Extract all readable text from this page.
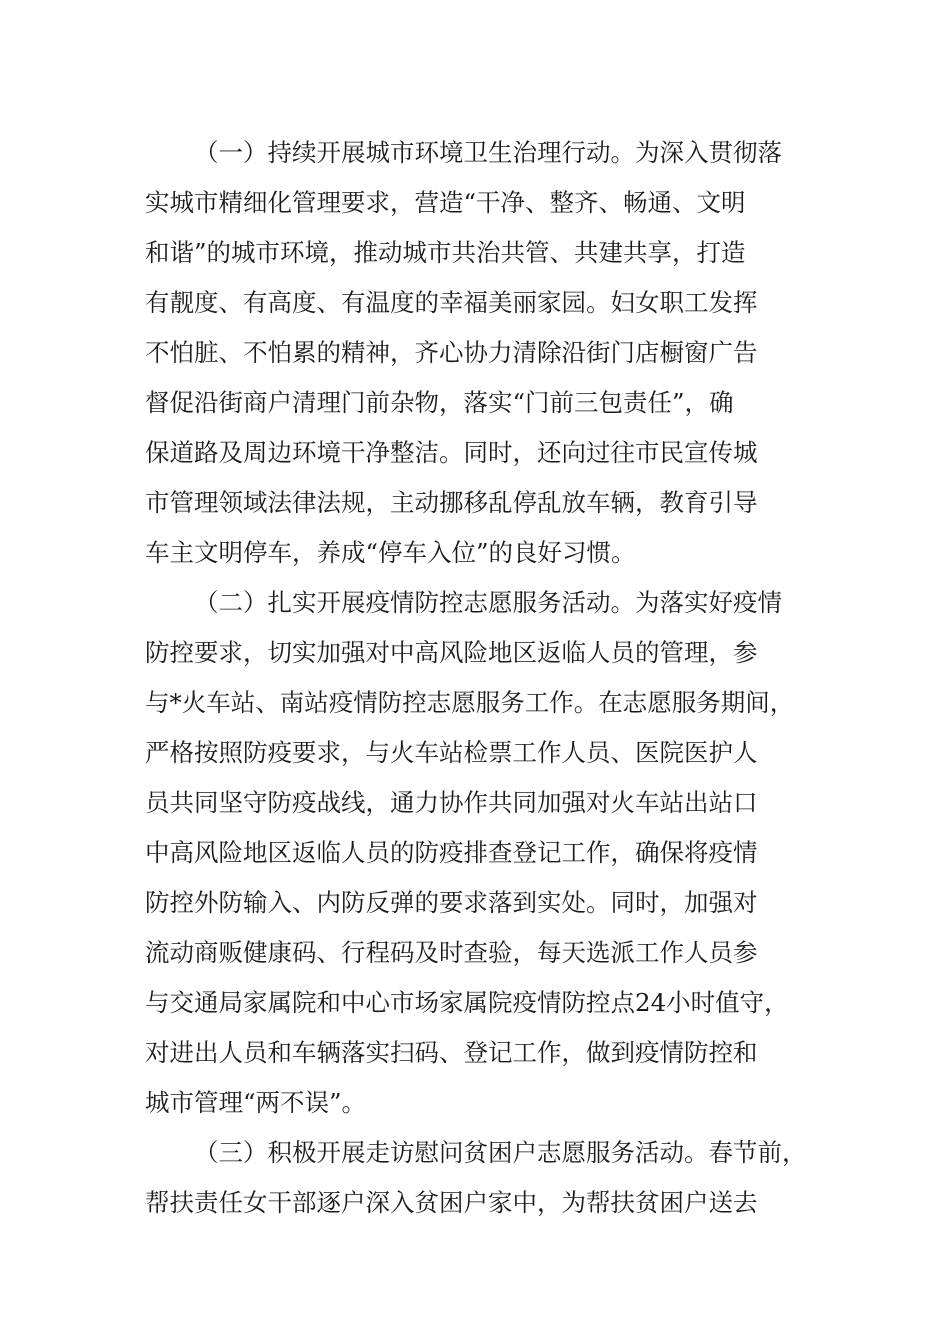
（一）持续开展城市环境卫生治理行动。为深入贯彻落
实城市精细化管理要求，营造“干净、整齐、畅通、文明
和谐”的城市环境，推动城市共治共管、共建共享，打造
有靓度、有高度、有温度的幸福美丽家园。妇女职工发挥
不怕脏、不怕累的精神，齐心协力清除沿街门店橱窗广告
督促沿街商户清理门前杂物，落实“门前三包责任”，确
保道路及周边环境干净整洁。同时，还向过往市民宣传城
市管理领域法律法规，主动挪移乱停乱放车辆，教育引导
车主文明停车，养成“停车入位”的良好习惯。
（二）扎实开展疫情防控志愿服务活动。为落实好疫情
防控要求，切实加强对中高风险地区返临人员的管理，参
与*火车站、南站疫情防控志愿服务工作。在志愿服务期间，
严格按照防疫要求，与火车站检票工作人员、医院医护人
员共同坚守防疫战线，通力协作共同加强对火车站出站口
中高风险地区返临人员的防疫排查登记工作，确保将疫情
防控外防输入、内防反弹的要求落到实处。同时，加强对
流动商贩健康码、行程码及时查验，每天选派工作人员参
与交通局家属院和中心市场家属院疫情防控点24小时值守，
对进出人员和车辆落实扫码、登记工作，做到疫情防控和
城市管理“两不误”。
（三）积极开展走访慰问贫困户志愿服务活动。春节前，
帮扶责任女干部逐户深入贫困户家中，为帮扶贫困户送去
